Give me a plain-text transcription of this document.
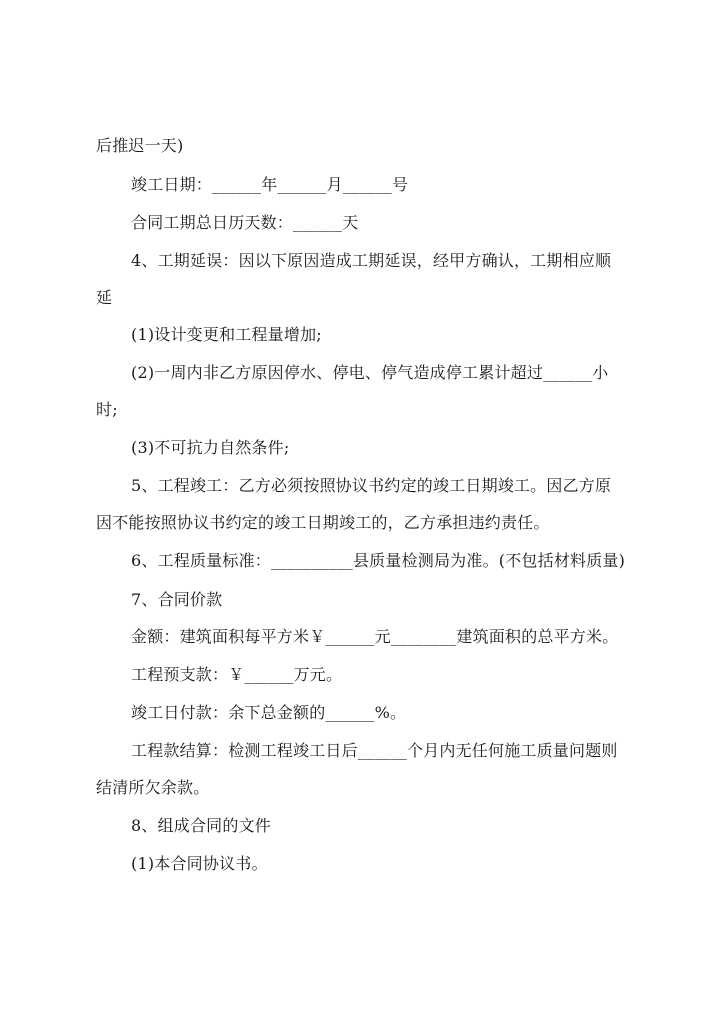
后推迟一天)
竣工日期：______年______月______号
合同工期总日历天数：______天
4、工期延误：因以下原因造成工期延误，经甲方确认，工期相应顺
延
(1)设计变更和工程量增加;
(2)一周内非乙方原因停水、停电、停气造成停工累计超过______小
时;
(3)不可抗力自然条件;
5、工程竣工：乙方必须按照协议书约定的竣工日期竣工。因乙方原
因不能按照协议书约定的竣工日期竣工的，乙方承担违约责任。
6、工程质量标准：__________县质量检测局为准。(不包括材料质量)
7、合同价款
金额：建筑面积每平方米￥______元________建筑面积的总平方米。
工程预支款：￥______万元。
竣工日付款：余下总金额的______%。
工程款结算：检测工程竣工日后______个月内无任何施工质量问题则
结清所欠余款。
8、组成合同的文件
(1)本合同协议书。
